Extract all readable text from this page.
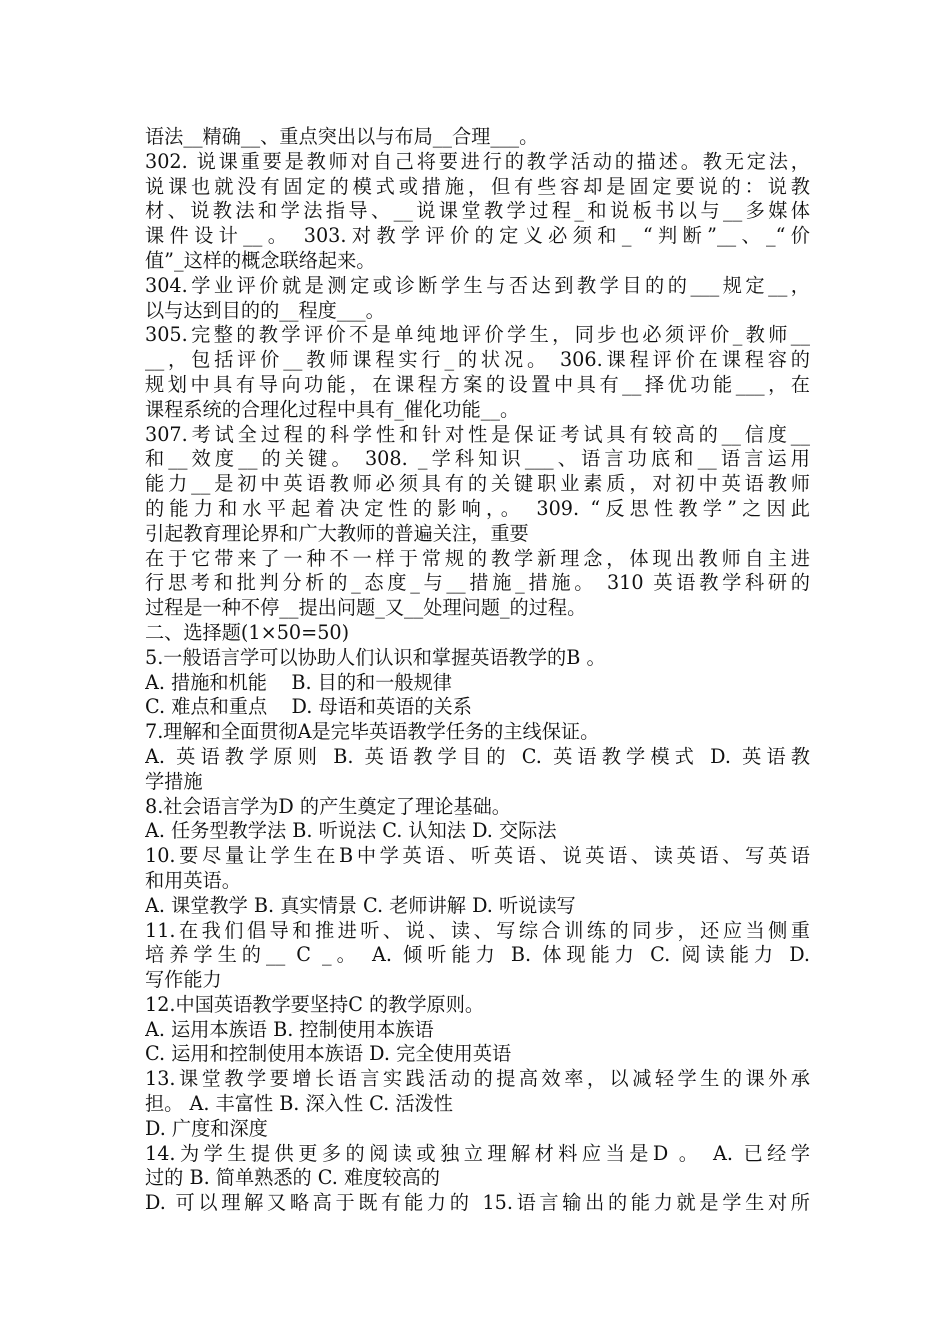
语法__精确__、重点突出以与布局__合理___。
302. 说课重要是教师对自己将要进行的教学活动的描述。教无定法，
说课也就没有固定的模式或措施，但有些容却是固定要说的：说教
材、说教法和学法指导、__说课堂教学过程_和说板书以与__多媒体
课件设计__。 303.对教学评价的定义必须和_ “判断”__、_“价
值”_这样的概念联络起来。
304.学业评价就是测定或诊断学生与否达到教学目的的___规定__，
以与达到目的的__程度___。
305.完整的教学评价不是单纯地评价学生，同步也必须评价_教师__
__，包括评价__教师课程实行_的状况。 306.课程评价在课程容的
规划中具有导向功能，在课程方案的设置中具有__择优功能___，在
课程系统的合理化过程中具有_催化功能__。
307.考试全过程的科学性和针对性是保证考试具有较高的__信度__
和__效度__的关键。 308. _学科知识___、语言功底和__语言运用
能力__是初中英语教师必须具有的关键职业素质，对初中英语教师
的能力和水平起着决定性的影响，。 309. “反思性教学”之因此
引起教育理论界和广大教师的普遍关注，重要
在于它带来了一种不一样于常规的教学新理念，体现出教师自主进
行思考和批判分析的_态度_与__措施_措施。 310 英语教学科研的
过程是一种不停__提出问题_又__处理问题_的过程。
二、选择题(1×50=50)
5.一般语言学可以协助人们认识和掌握英语教学的B 。
A. 措施和机能    B. 目的和一般规律
C. 难点和重点    D. 母语和英语的关系
7.理解和全面贯彻A是完毕英语教学任务的主线保证。
A. 英语教学原则 B. 英语教学目的 C. 英语教学模式 D. 英语教
学措施
8.社会语言学为D 的产生奠定了理论基础。
A. 任务型教学法 B. 听说法 C. 认知法 D. 交际法
10.要尽量让学生在B中学英语、听英语、说英语、读英语、写英语
和用英语。
A. 课堂教学 B. 真实情景 C. 老师讲解 D. 听说读写
11.在我们倡导和推进听、说、读、写综合训练的同步，还应当侧重
培养学生的__ C _。 A. 倾听能力 B. 体现能力 C. 阅读能力 D.
写作能力
12.中国英语教学要坚持C 的教学原则。
A. 运用本族语 B. 控制使用本族语
C. 运用和控制使用本族语 D. 完全使用英语
13.课堂教学要增长语言实践活动的提高效率，以减轻学生的课外承
担。 A. 丰富性 B. 深入性 C. 活泼性
D. 广度和深度
14.为学生提供更多的阅读或独立理解材料应当是D 。 A. 已经学
过的 B. 简单熟悉的 C. 难度较高的
D. 可以理解又略高于既有能力的 15.语言输出的能力就是学生对所
